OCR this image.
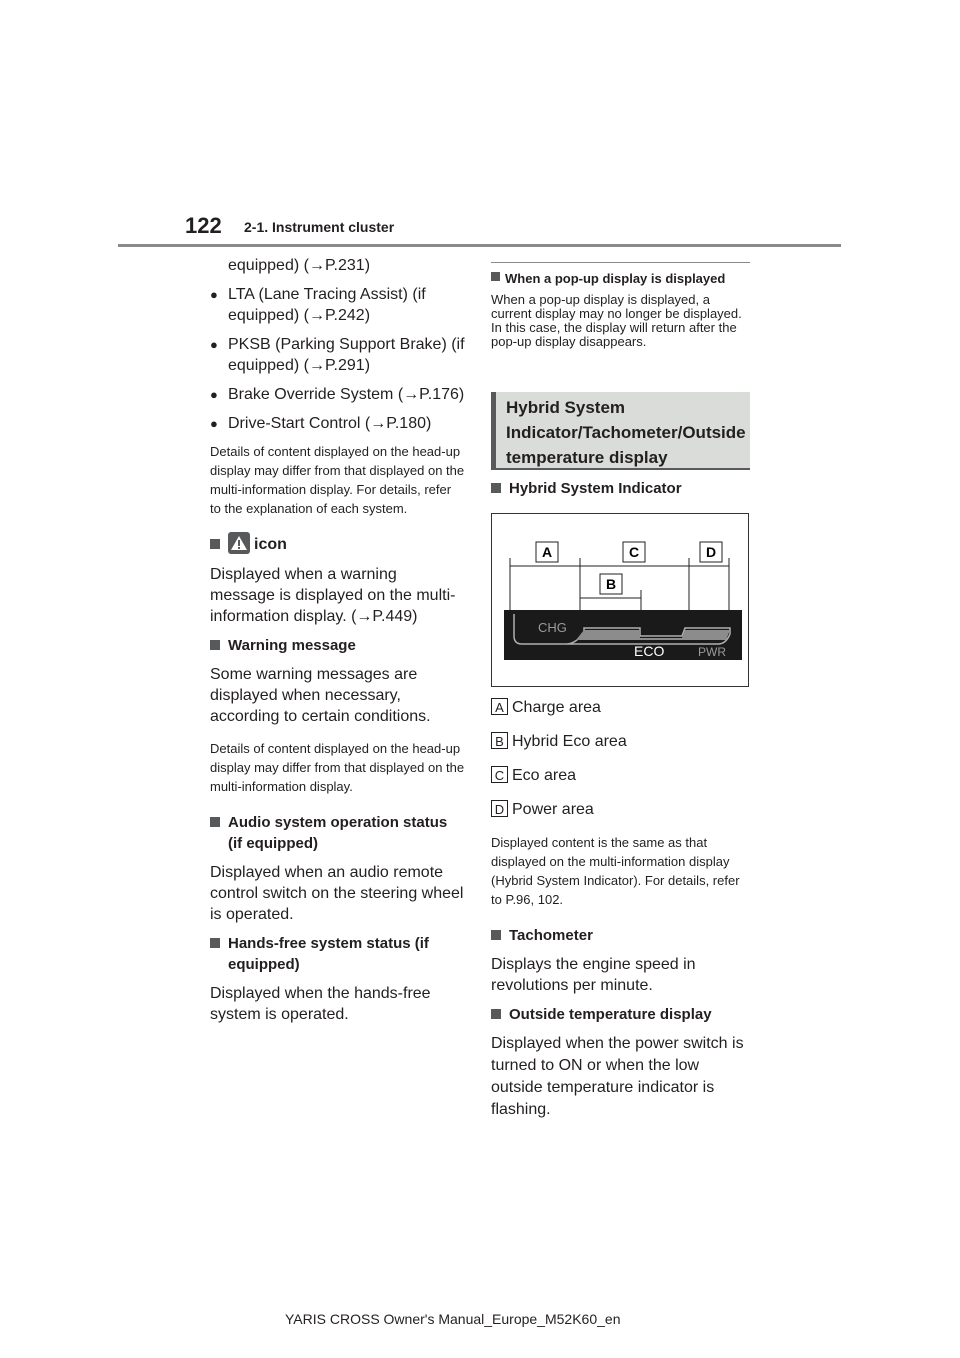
122 2-1. Instrument cluster

equipped) (→P.231)

● LTA (Lane Tracing Assist) (if equipped) (→P.242)

● PKSB (Parking Support Brake) (if equipped) (→P.291)

● Brake Override System (→P.176)

● Drive-Start Control (→P.180)

Details of content displayed on the head-up display may differ from that displayed on the multi-information display. For details, refer to the explanation of each system.

icon

Displayed when a warning message is displayed on the multi-information display. (→P.449)

Warning message

Some warning messages are displayed when necessary, according to certain conditions.

Details of content displayed on the head-up display may differ from that displayed on the multi-information display.

Audio system operation status (if equipped)

Displayed when an audio remote control switch on the steering wheel is operated.

Hands-free system status (if equipped)

Displayed when the hands-free system is operated.

When a pop-up display is displayed

When a pop-up display is displayed, a current display may no longer be displayed. In this case, the display will return after the pop-up display disappears.

Hybrid System Indicator/Tachometer/Outside temperature display

Hybrid System Indicator

A	C	D
B
CHG
ECO	PWR

A Charge area

B Hybrid Eco area

C Eco area

D Power area

Displayed content is the same as that displayed on the multi-information display (Hybrid System Indicator). For details, refer to P.96, 102.

Tachometer

Displays the engine speed in revolutions per minute.

Outside temperature display

Displayed when the power switch is turned to ON or when the low outside temperature indicator is flashing.

YARIS CROSS Owner's Manual_Europe_M52K60_en
